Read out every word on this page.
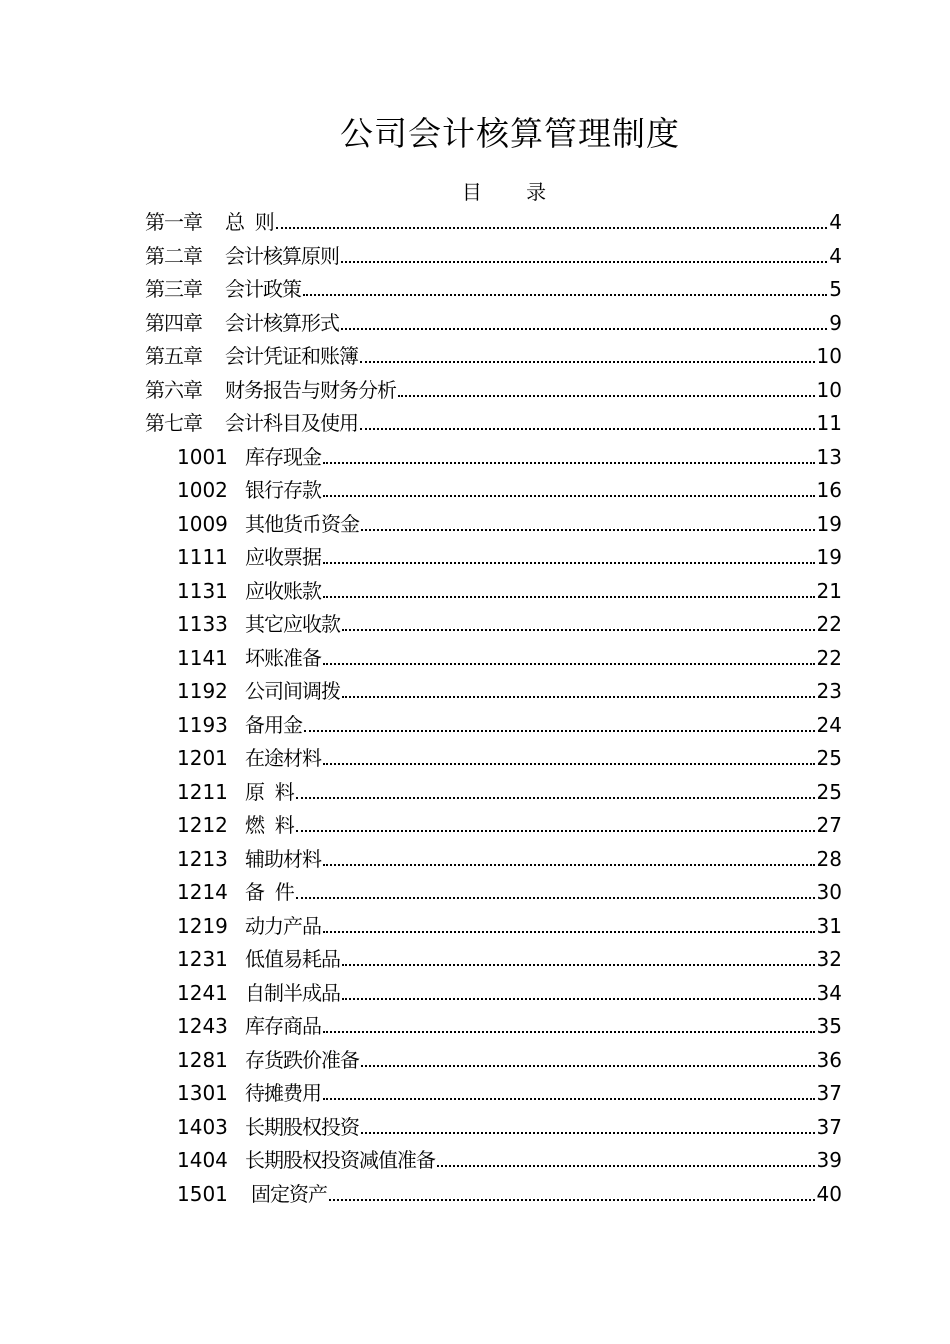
公司会计核算管理制度
目 录
第一章	总  则	4
第二章	会计核算原则	4
第三章	会计政策	5
第四章	会计核算形式	9
第五章	会计凭证和账簿	10
第六章	财务报告与财务分析	10
第七章	会计科目及使用	11
1001 库存现金	13
1002 银行存款	16
1009 其他货币资金	19
1111 应收票据	19
1131 应收账款	21
1133 其它应收款	22
1141 坏账准备	22
1192 公司间调拨	23
1193 备用金	24
1201 在途材料	25
1211 原  料	25
1212 燃  料	27
1213 辅助材料	28
1214 备  件	30
1219 动力产品	31
1231 低值易耗品	32
1241 自制半成品	34
1243 库存商品	35
1281 存货跌价准备	36
1301 待摊费用	37
1403 长期股权投资	37
1404 长期股权投资减值准备	39
1501	固定资产	40
